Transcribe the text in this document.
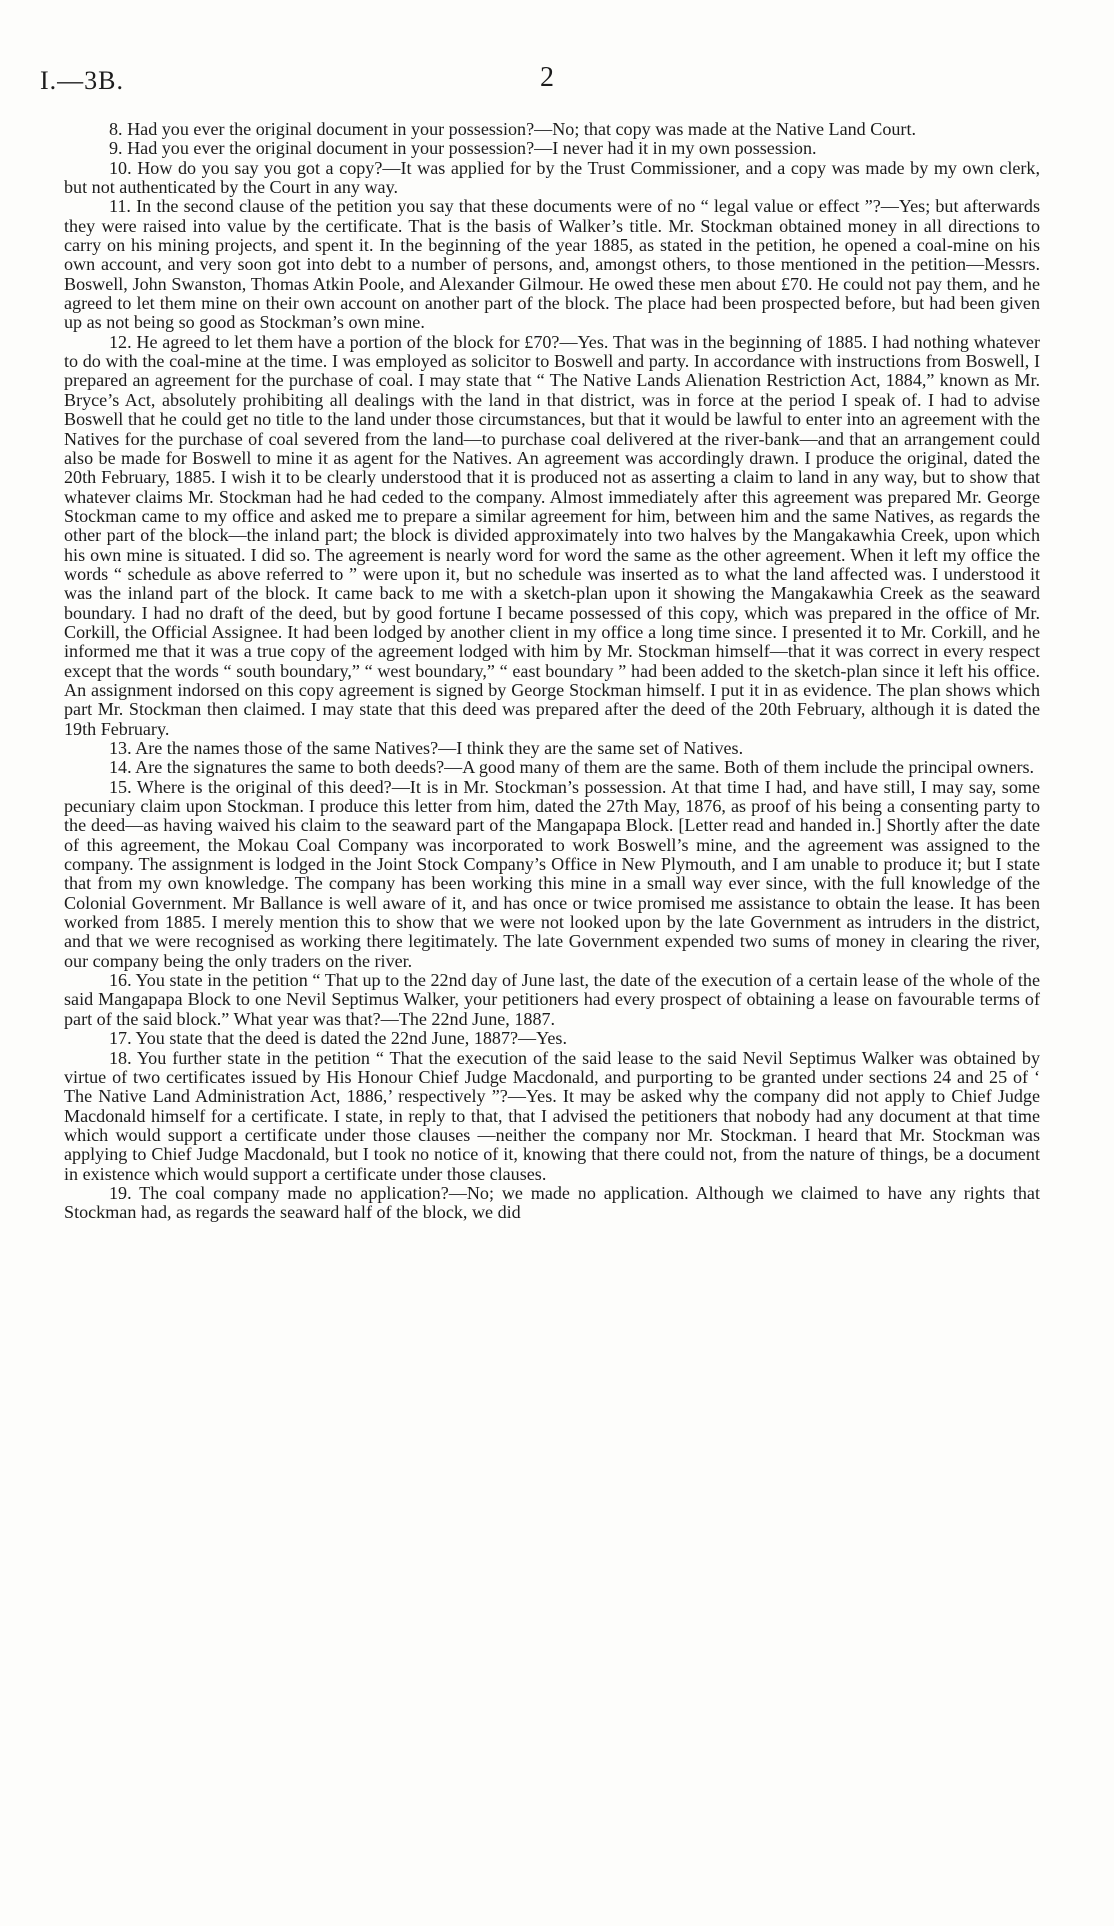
I.—3B.	2

8. Had you ever the original document in your possession?—No; that copy was made at the Native Land Court.

9. Had you ever the original document in your possession?—I never had it in my own possession.

10. How do you say you got a copy?—It was applied for by the Trust Commissioner, and a copy was made by my own clerk, but not authenticated by the Court in any way.

11. In the second clause of the petition you say that these documents were of no “ legal value or effect ”?—Yes; but afterwards they were raised into value by the certificate. That is the basis of Walker’s title. Mr. Stockman obtained money in all directions to carry on his mining projects, and spent it. In the beginning of the year 1885, as stated in the petition, he opened a coal-mine on his own account, and very soon got into debt to a number of persons, and, amongst others, to those mentioned in the petition—Messrs. Boswell, John Swanston, Thomas Atkin Poole, and Alexander Gilmour. He owed these men about £70. He could not pay them, and he agreed to let them mine on their own account on another part of the block. The place had been prospected before, but had been given up as not being so good as Stockman’s own mine.

12. He agreed to let them have a portion of the block for £70?—Yes. That was in the beginning of 1885. I had nothing whatever to do with the coal-mine at the time. I was employed as solicitor to Boswell and party. In accordance with instructions from Boswell, I prepared an agreement for the purchase of coal. I may state that “ The Native Lands Alienation Restriction Act, 1884,” known as Mr. Bryce’s Act, absolutely prohibiting all dealings with the land in that district, was in force at the period I speak of. I had to advise Boswell that he could get no title to the land under those circumstances, but that it would be lawful to enter into an agreement with the Natives for the purchase of coal severed from the land—to purchase coal delivered at the river-bank—and that an arrangement could also be made for Boswell to mine it as agent for the Natives. An agreement was accordingly drawn. I produce the original, dated the 20th February, 1885. I wish it to be clearly understood that it is produced not as asserting a claim to land in any way, but to show that whatever claims Mr. Stockman had he had ceded to the company. Almost immediately after this agreement was prepared Mr. George Stockman came to my office and asked me to prepare a similar agreement for him, between him and the same Natives, as regards the other part of the block—the inland part; the block is divided approximately into two halves by the Mangakawhia Creek, upon which his own mine is situated. I did so. The agreement is nearly word for word the same as the other agreement. When it left my office the words “ schedule as above referred to ” were upon it, but no schedule was inserted as to what the land affected was. I understood it was the inland part of the block. It came back to me with a sketch-plan upon it showing the Mangakawhia Creek as the seaward boundary. I had no draft of the deed, but by good fortune I became possessed of this copy, which was prepared in the office of Mr. Corkill, the Official Assignee. It had been lodged by another client in my office a long time since. I presented it to Mr. Corkill, and he informed me that it was a true copy of the agreement lodged with him by Mr. Stockman himself—that it was correct in every respect except that the words “ south boundary,” “ west boundary,” “ east boundary ” had been added to the sketch-plan since it left his office. An assignment indorsed on this copy agreement is signed by George Stockman himself. I put it in as evidence. The plan shows which part Mr. Stockman then claimed. I may state that this deed was prepared after the deed of the 20th February, although it is dated the 19th February.

13. Are the names those of the same Natives?—I think they are the same set of Natives.

14. Are the signatures the same to both deeds?—A good many of them are the same. Both of them include the principal owners.

15. Where is the original of this deed?—It is in Mr. Stockman’s possession. At that time I had, and have still, I may say, some pecuniary claim upon Stockman. I produce this letter from him, dated the 27th May, 1876, as proof of his being a consenting party to the deed—as having waived his claim to the seaward part of the Mangapapa Block. [Letter read and handed in.] Shortly after the date of this agreement, the Mokau Coal Company was incorporated to work Boswell’s mine, and the agreement was assigned to the company. The assignment is lodged in the Joint Stock Company’s Office in New Plymouth, and I am unable to produce it; but I state that from my own knowledge. The company has been working this mine in a small way ever since, with the full knowledge of the Colonial Government. Mr Ballance is well aware of it, and has once or twice promised me assistance to obtain the lease. It has been worked from 1885. I merely mention this to show that we were not looked upon by the late Government as intruders in the district, and that we were recognised as working there legitimately. The late Government expended two sums of money in clearing the river, our company being the only traders on the river.

16. You state in the petition “ That up to the 22nd day of June last, the date of the execution of a certain lease of the whole of the said Mangapapa Block to one Nevil Septimus Walker, your petitioners had every prospect of obtaining a lease on favourable terms of part of the said block.” What year was that?—The 22nd June, 1887.

17. You state that the deed is dated the 22nd June, 1887?—Yes.

18. You further state in the petition “ That the execution of the said lease to the said Nevil Septimus Walker was obtained by virtue of two certificates issued by His Honour Chief Judge Macdonald, and purporting to be granted under sections 24 and 25 of ‘ The Native Land Administration Act, 1886,’ respectively ”?—Yes. It may be asked why the company did not apply to Chief Judge Macdonald himself for a certificate. I state, in reply to that, that I advised the petitioners that nobody had any document at that time which would support a certificate under those clauses —neither the company nor Mr. Stockman. I heard that Mr. Stockman was applying to Chief Judge Macdonald, but I took no notice of it, knowing that there could not, from the nature of things, be a document in existence which would support a certificate under those clauses.

19. The coal company made no application?—No; we made no application. Although we claimed to have any rights that Stockman had, as regards the seaward half of the block, we did
